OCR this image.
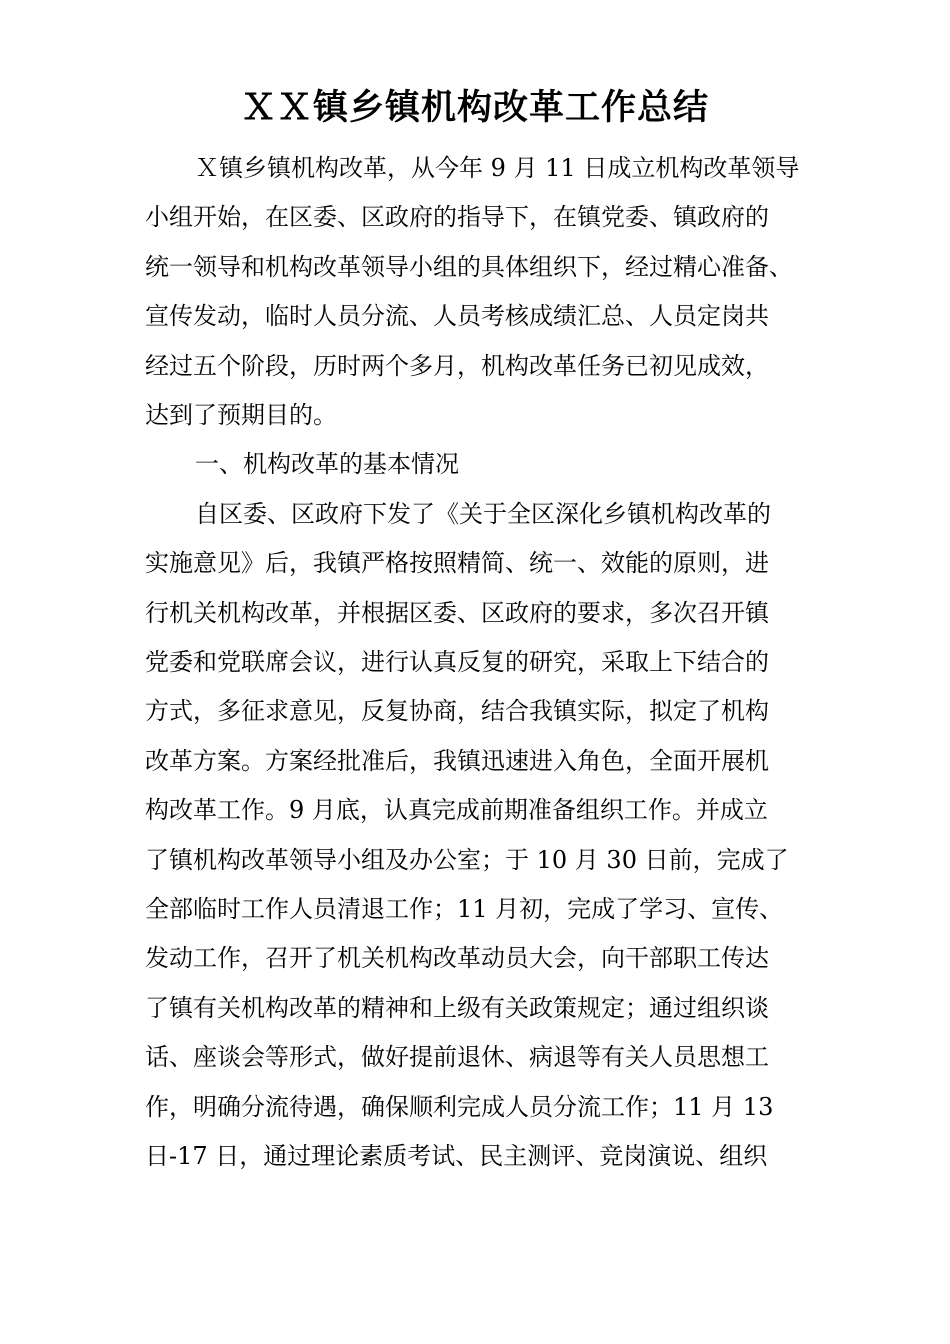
ＸＸ镇乡镇机构改革工作总结
Ｘ镇乡镇机构改革，从今年 9 月 11 日成立机构改革领导
小组开始，在区委、区政府的指导下，在镇党委、镇政府的
统一领导和机构改革领导小组的具体组织下，经过精心准备、
宣传发动，临时人员分流、人员考核成绩汇总、人员定岗共
经过五个阶段，历时两个多月，机构改革任务已初见成效，
达到了预期目的。
一、机构改革的基本情况
自区委、区政府下发了《关于全区深化乡镇机构改革的
实施意见》后，我镇严格按照精简、统一、效能的原则，进
行机关机构改革，并根据区委、区政府的要求，多次召开镇
党委和党联席会议，进行认真反复的研究，采取上下结合的
方式，多征求意见，反复协商，结合我镇实际，拟定了机构
改革方案。方案经批准后，我镇迅速进入角色，全面开展机
构改革工作。9 月底，认真完成前期准备组织工作。并成立
了镇机构改革领导小组及办公室；于 10 月 30 日前，完成了
全部临时工作人员清退工作；11 月初，完成了学习、宣传、
发动工作，召开了机关机构改革动员大会，向干部职工传达
了镇有关机构改革的精神和上级有关政策规定；通过组织谈
话、座谈会等形式，做好提前退休、病退等有关人员思想工
作，明确分流待遇，确保顺利完成人员分流工作；11 月 13
日-17 日，通过理论素质考试、民主测评、竞岗演说、组织
